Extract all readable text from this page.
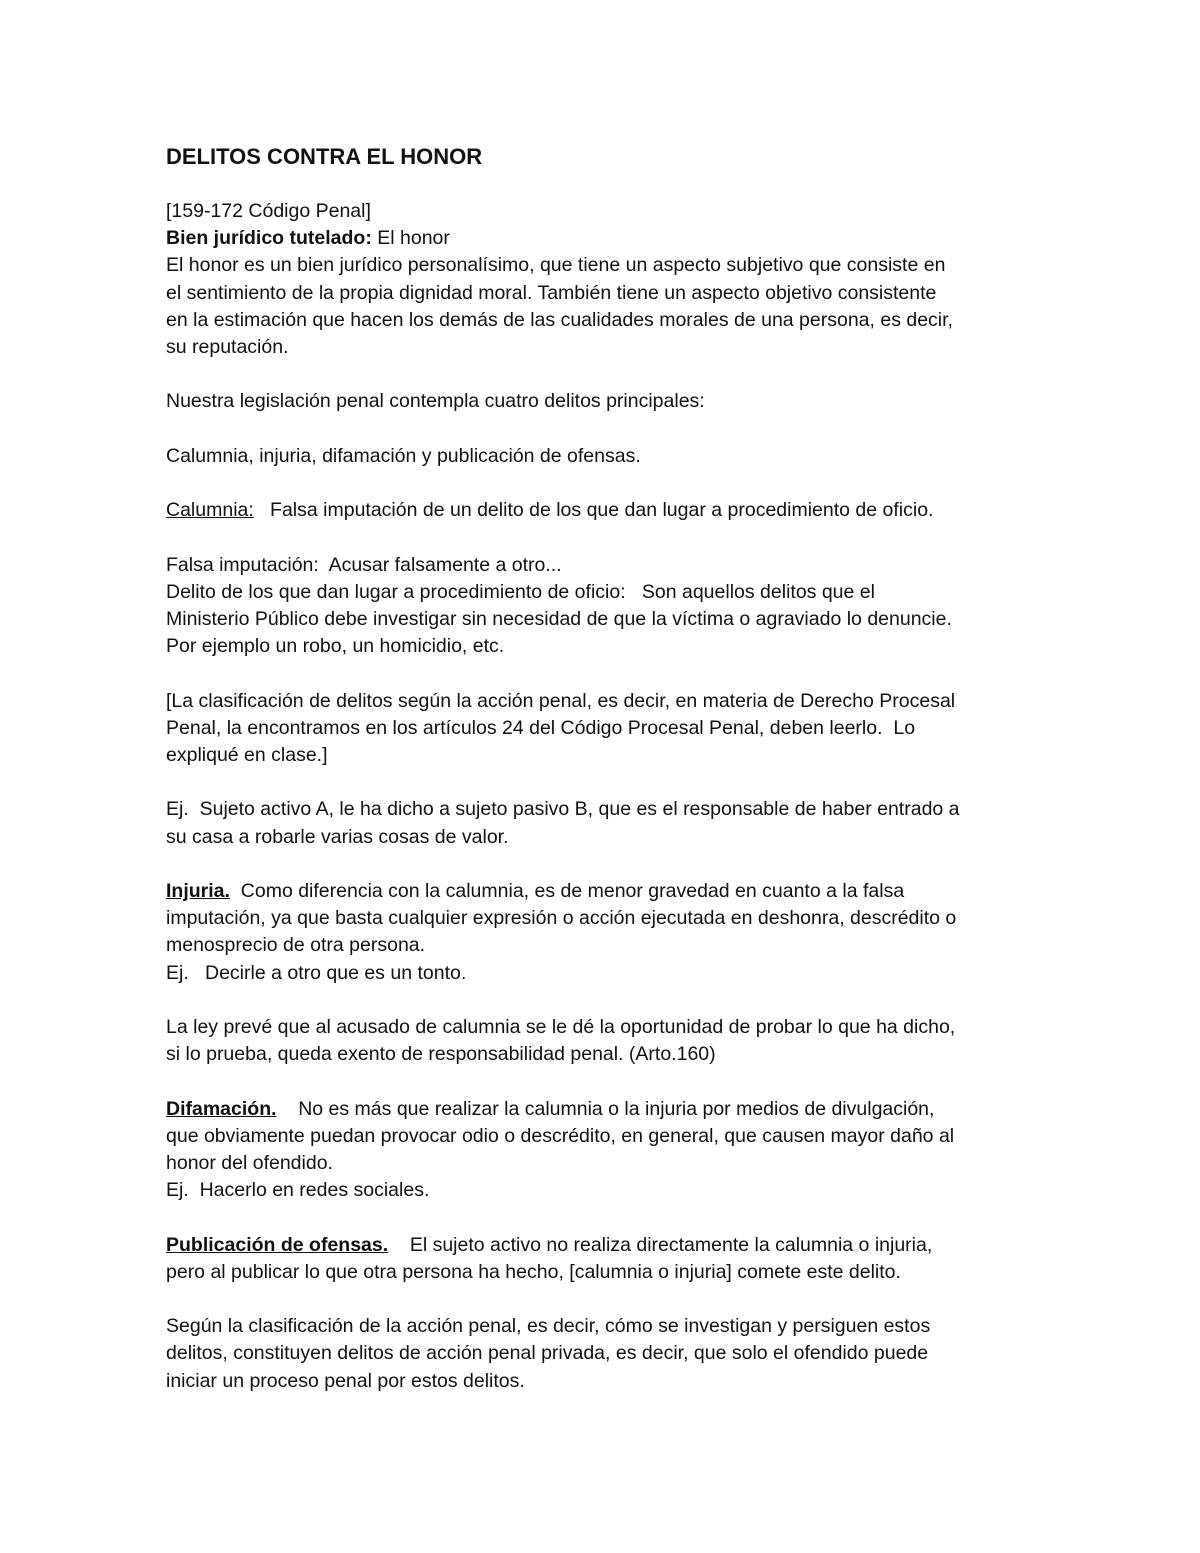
DELITOS CONTRA EL HONOR

[159-172 Código Penal]

Bien jurídico tutelado: El honor

El honor es un bien jurídico personalísimo, que tiene un aspecto subjetivo que consiste en

el sentimiento de la propia dignidad moral. También tiene un aspecto objetivo consistente

en la estimación que hacen los demás de las cualidades morales de una persona, es decir,

su reputación.

Nuestra legislación penal contempla cuatro delitos principales:

Calumnia, injuria, difamación y publicación de ofensas.

Calumnia:   Falsa imputación de un delito de los que dan lugar a procedimiento de oficio.

Falsa imputación:  Acusar falsamente a otro...

Delito de los que dan lugar a procedimiento de oficio:   Son aquellos delitos que el

Ministerio Público debe investigar sin necesidad de que la víctima o agraviado lo denuncie.

Por ejemplo un robo, un homicidio, etc.

[La clasificación de delitos según la acción penal, es decir, en materia de Derecho Procesal

Penal, la encontramos en los artículos 24 del Código Procesal Penal, deben leerlo.  Lo

expliqué en clase.]

Ej.  Sujeto activo A, le ha dicho a sujeto pasivo B, que es el responsable de haber entrado a

su casa a robarle varias cosas de valor.

Injuria.  Como diferencia con la calumnia, es de menor gravedad en cuanto a la falsa

imputación, ya que basta cualquier expresión o acción ejecutada en deshonra, descrédito o

menosprecio de otra persona.

Ej.   Decirle a otro que es un tonto.

La ley prevé que al acusado de calumnia se le dé la oportunidad de probar lo que ha dicho,

si lo prueba, queda exento de responsabilidad penal. (Arto.160)

Difamación.    No es más que realizar la calumnia o la injuria por medios de divulgación,

que obviamente puedan provocar odio o descrédito, en general, que causen mayor daño al

honor del ofendido.

Ej.  Hacerlo en redes sociales.

Publicación de ofensas.    El sujeto activo no realiza directamente la calumnia o injuria,

pero al publicar lo que otra persona ha hecho, [calumnia o injuria] comete este delito.

Según la clasificación de la acción penal, es decir, cómo se investigan y persiguen estos

delitos, constituyen delitos de acción penal privada, es decir, que solo el ofendido puede

iniciar un proceso penal por estos delitos.
